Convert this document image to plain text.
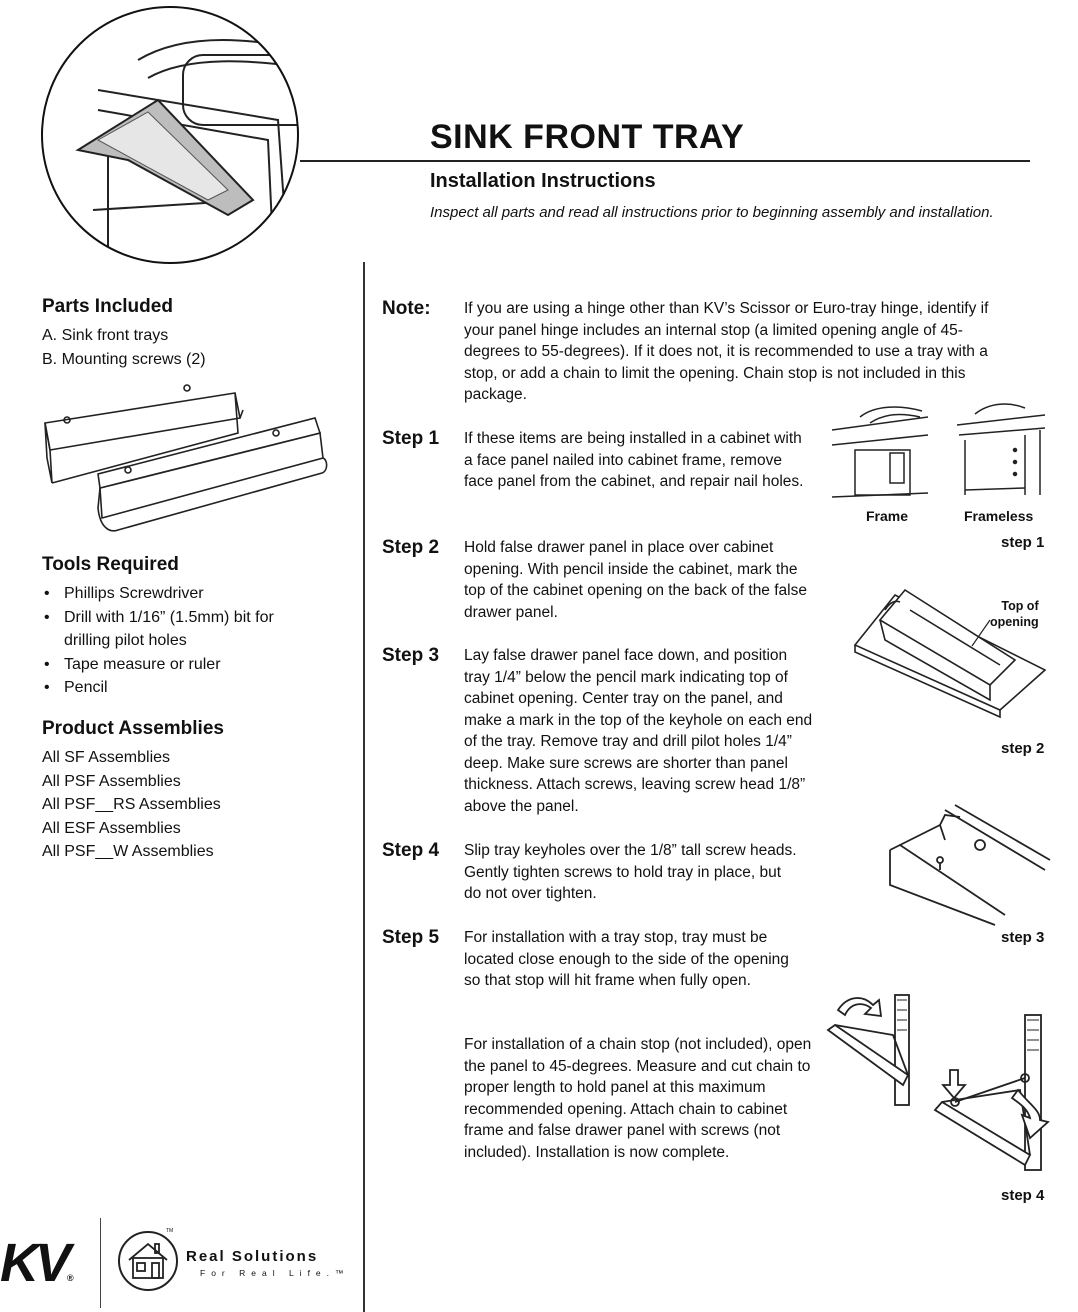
SINK FRONT TRAY
Installation Instructions

Inspect all parts and read all instructions prior to beginning assembly and installation.

Parts Included
A. Sink front trays
B. Mounting screws (2)
Tools Required
• Phillips Screwdriver
• Drill with 1/16” (1.5mm) bit for drilling pilot holes
• Tape measure or ruler
• Pencil
Product Assemblies
All SF Assemblies
All PSF Assemblies
All PSF__RS Assemblies
All ESF Assemblies
All PSF__W Assemblies
Note: If you are using a hinge other than KV’s Scissor or Euro-tray hinge, identify if your panel hinge includes an internal stop (a limited opening angle of 45-degrees to 55-degrees). If it does not, it is recommended to use a tray with a stop, or add a chain to limit the opening. Chain stop is not included in this package.

Step 1 If these items are being installed in a cabinet with a face panel nailed into cabinet frame, remove face panel from the cabinet, and repair nail holes.

Step 2 Hold false drawer panel in place over cabinet opening. With pencil inside the cabinet, mark the top of the cabinet opening on the back of the false drawer panel.

Step 3 Lay false drawer panel face down, and position tray 1/4” below the pencil mark indicating top of cabinet opening. Center tray on the panel, and make a mark in the top of the keyhole on each end of the tray. Remove tray and drill pilot holes 1/4” deep. Make sure screws are shorter than panel thickness. Attach screws, leaving screw head 1/8” above the panel.

Step 4 Slip tray keyholes over the 1/8” tall screw heads. Gently tighten screws to hold tray in place, but do not over tighten.

Step 5 For installation with a tray stop, tray must be located close enough to the side of the opening so that stop will hit frame when fully open.

For installation of a chain stop (not included), open the panel to 45-degrees. Measure and cut chain to proper length to hold panel at this maximum recommended opening. Attach chain to cabinet frame and false drawer panel with screws (not included). Installation is now complete.

Frame	Frameless
step 1
Top of
opening
step 2
step 3
step 4
KV®
TM
Real Solutions
For Real Life.™
